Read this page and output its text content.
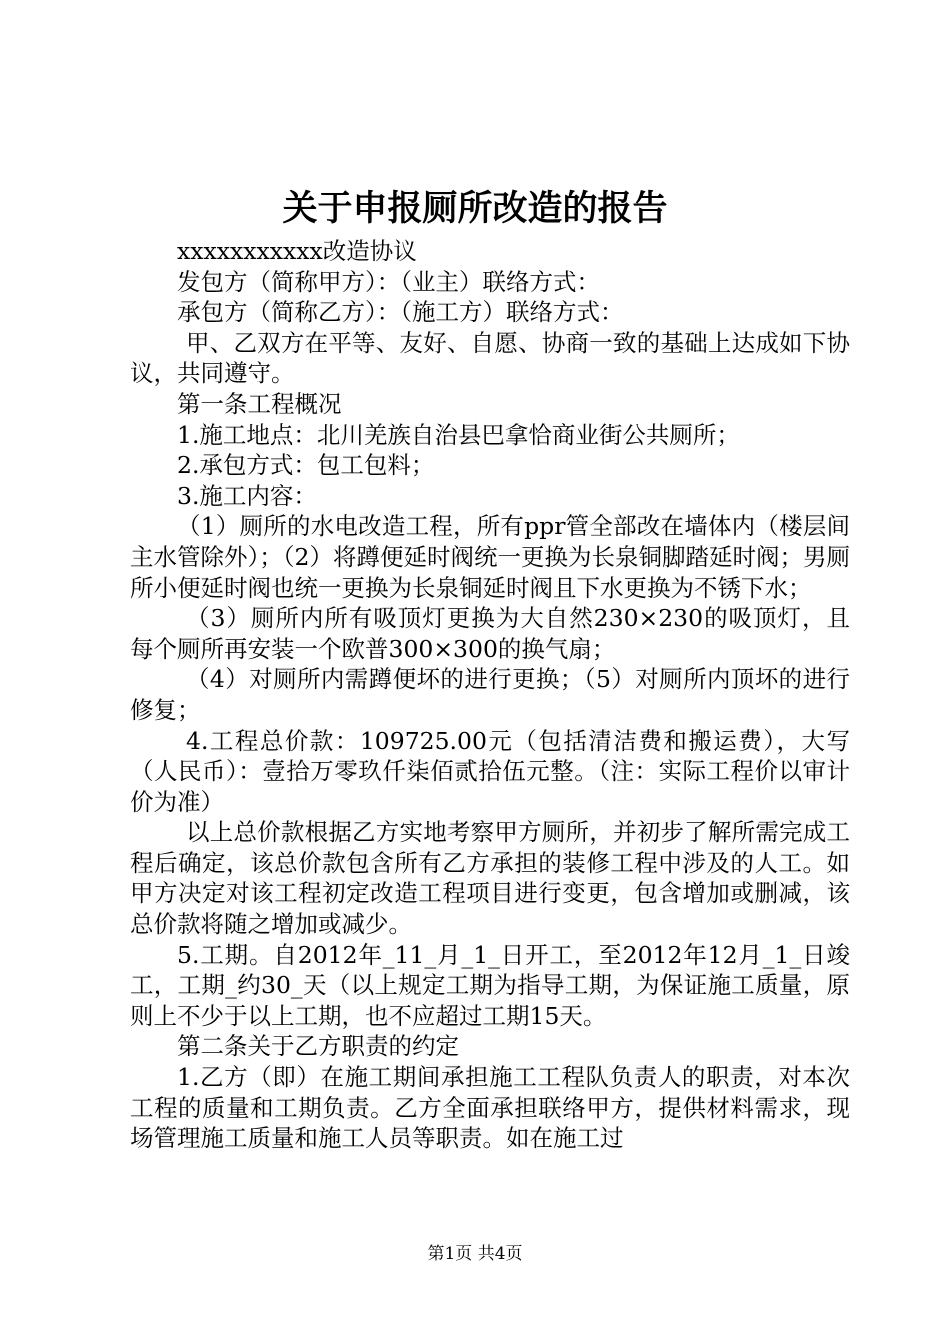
关于申报厕所改造的报告

xxxxxxxxxxx改造协议

发包方（简称甲方）：（业主）联络方式：

承包方（简称乙方）：（施工方）联络方式：

甲、乙双方在平等、友好、自愿、协商一致的基础上达成如下协议，共同遵守。

第一条工程概况

1.施工地点：北川羌族自治县巴拿恰商业街公共厕所；

2.承包方式：包工包料；

3.施工内容：

（1）厕所的水电改造工程，所有ppr管全部改在墙体内（楼层间主水管除外）；（2）将蹲便延时阀统一更换为长泉铜脚踏延时阀；男厕所小便延时阀也统一更换为长泉铜延时阀且下水更换为不锈下水；

（3）厕所内所有吸顶灯更换为大自然230×230的吸顶灯，且每个厕所再安装一个欧普300×300的换气扇；

（4）对厕所内需蹲便坏的进行更换；（5）对厕所内顶坏的进行修复；

4.工程总价款：109725.00元（包括清洁费和搬运费），大写（人民币）：壹拾万零玖仟柒佰贰拾伍元整。（注：实际工程价以审计价为准）

以上总价款根据乙方实地考察甲方厕所，并初步了解所需完成工程后确定，该总价款包含所有乙方承担的装修工程中涉及的人工。如甲方决定对该工程初定改造工程项目进行变更，包含增加或删减，该总价款将随之增加或减少。

5.工期。自2012年_11_月_1_日开工，至2012年12月_1_日竣工，工期_约30_天（以上规定工期为指导工期，为保证施工质量，原则上不少于以上工期，也不应超过工期15天。

第二条关于乙方职责的约定

1.乙方（即）在施工期间承担施工工程队负责人的职责，对本次工程的质量和工期负责。乙方全面承担联络甲方，提供材料需求，现场管理施工质量和施工人员等职责。如在施工过

第1页 共4页
